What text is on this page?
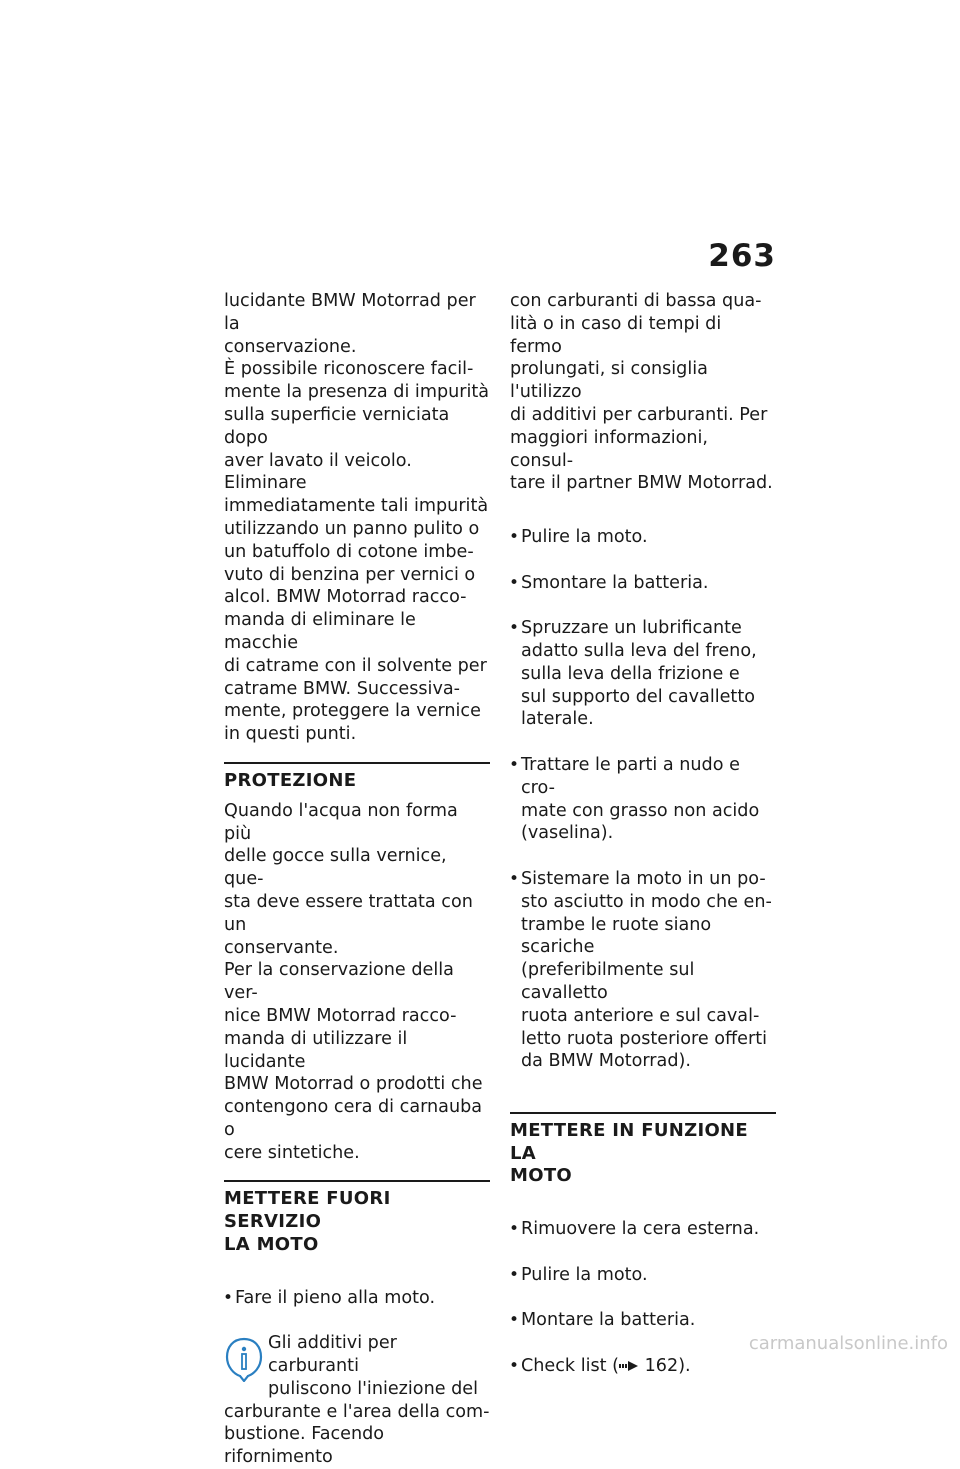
263

lucidante BMW Motorrad per la
conservazione.
È possibile riconoscere facil-
mente la presenza di impurità
sulla superficie verniciata dopo
aver lavato il veicolo. Eliminare
immediatamente tali impurità
utilizzando un panno pulito o
un batuffolo di cotone imbe-
vuto di benzina per vernici o
alcol. BMW Motorrad racco-
manda di eliminare le macchie
di catrame con il solvente per
catrame BMW. Successiva-
mente, proteggere la vernice
in questi punti.

PROTEZIONE

Quando l'acqua non forma più
delle gocce sulla vernice, que-
sta deve essere trattata con un
conservante.
Per la conservazione della ver-
nice BMW Motorrad racco-
manda di utilizzare il lucidante
BMW Motorrad o prodotti che
contengono cera di carnauba o
cere sintetiche.

METTERE FUORI SERVIZIO
LA MOTO

• Fare il pieno alla moto.

Gli additivi per carburanti
puliscono l'iniezione del

carburante e l'area della com-
bustione. Facendo rifornimento

con carburanti di bassa qua-
lità o in caso di tempi di fermo
prolungati, si consiglia l'utilizzo
di additivi per carburanti. Per
maggiori informazioni, consul-
tare il partner BMW Motorrad.

• Pulire la moto.

• Smontare la batteria.

• Spruzzare un lubrificante
adatto sulla leva del freno,
sulla leva della frizione e
sul supporto del cavalletto
laterale.

• Trattare le parti a nudo e cro-
mate con grasso non acido
(vaselina).

• Sistemare la moto in un po-
sto asciutto in modo che en-
trambe le ruote siano scariche
(preferibilmente sul cavalletto
ruota anteriore e sul caval-
letto ruota posteriore offerti
da BMW Motorrad).

METTERE IN FUNZIONE LA
MOTO

• Rimuovere la cera esterna.

• Pulire la moto.

• Montare la batteria.

• Check list ( 162).

carmanualsonline.info
